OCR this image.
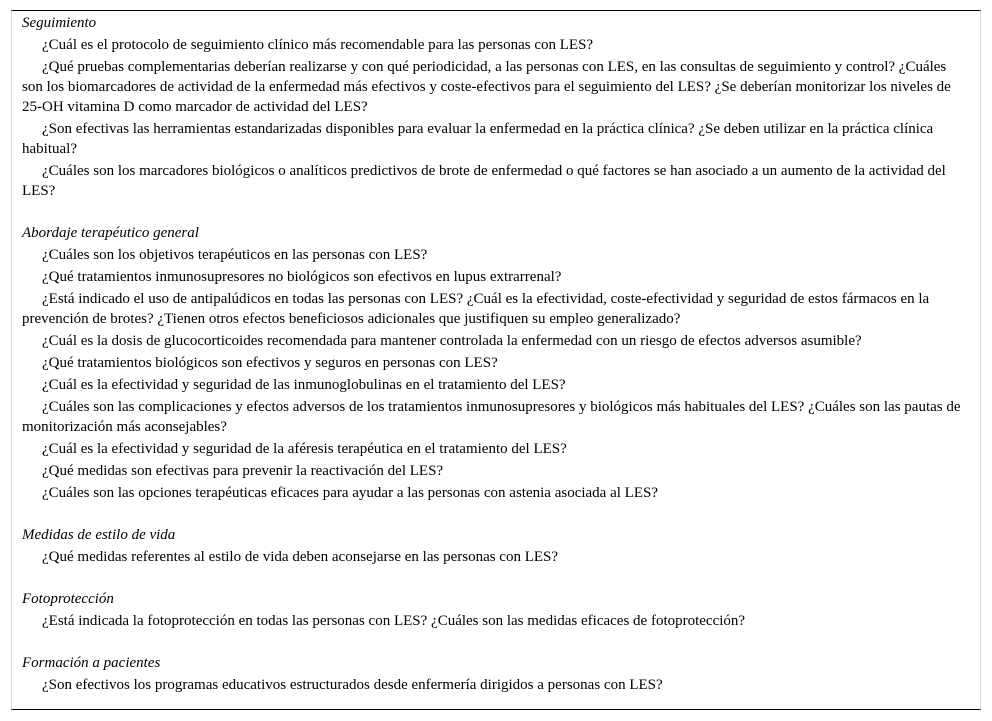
Seguimiento

¿Cuál es el protocolo de seguimiento clínico más recomendable para las personas con LES?

¿Qué pruebas complementarias deberían realizarse y con qué periodicidad, a las personas con LES, en las consultas de seguimiento y control? ¿Cuáles son los biomarcadores de actividad de la enfermedad más efectivos y coste-efectivos para el seguimiento del LES? ¿Se deberían monitorizar los niveles de 25-OH vitamina D como marcador de actividad del LES?

¿Son efectivas las herramientas estandarizadas disponibles para evaluar la enfermedad en la práctica clínica? ¿Se deben utilizar en la práctica clínica habitual?

¿Cuáles son los marcadores biológicos o analíticos predictivos de brote de enfermedad o qué factores se han asociado a un aumento de la actividad del LES?

Abordaje terapéutico general

¿Cuáles son los objetivos terapéuticos en las personas con LES?

¿Qué tratamientos inmunosupresores no biológicos son efectivos en lupus extrarrenal?

¿Está indicado el uso de antipalúdicos en todas las personas con LES? ¿Cuál es la efectividad, coste-efectividad y seguridad de estos fármacos en la prevención de brotes? ¿Tienen otros efectos beneficiosos adicionales que justifiquen su empleo generalizado?

¿Cuál es la dosis de glucocorticoides recomendada para mantener controlada la enfermedad con un riesgo de efectos adversos asumible?

¿Qué tratamientos biológicos son efectivos y seguros en personas con LES?

¿Cuál es la efectividad y seguridad de las inmunoglobulinas en el tratamiento del LES?

¿Cuáles son las complicaciones y efectos adversos de los tratamientos inmunosupresores y biológicos más habituales del LES? ¿Cuáles son las pautas de monitorización más aconsejables?

¿Cuál es la efectividad y seguridad de la aféresis terapéutica en el tratamiento del LES?

¿Qué medidas son efectivas para prevenir la reactivación del LES?

¿Cuáles son las opciones terapéuticas eficaces para ayudar a las personas con astenia asociada al LES?

Medidas de estilo de vida

¿Qué medidas referentes al estilo de vida deben aconsejarse en las personas con LES?

Fotoprotección

¿Está indicada la fotoprotección en todas las personas con LES? ¿Cuáles son las medidas eficaces de fotoprotección?

Formación a pacientes

¿Son efectivos los programas educativos estructurados desde enfermería dirigidos a personas con LES?
